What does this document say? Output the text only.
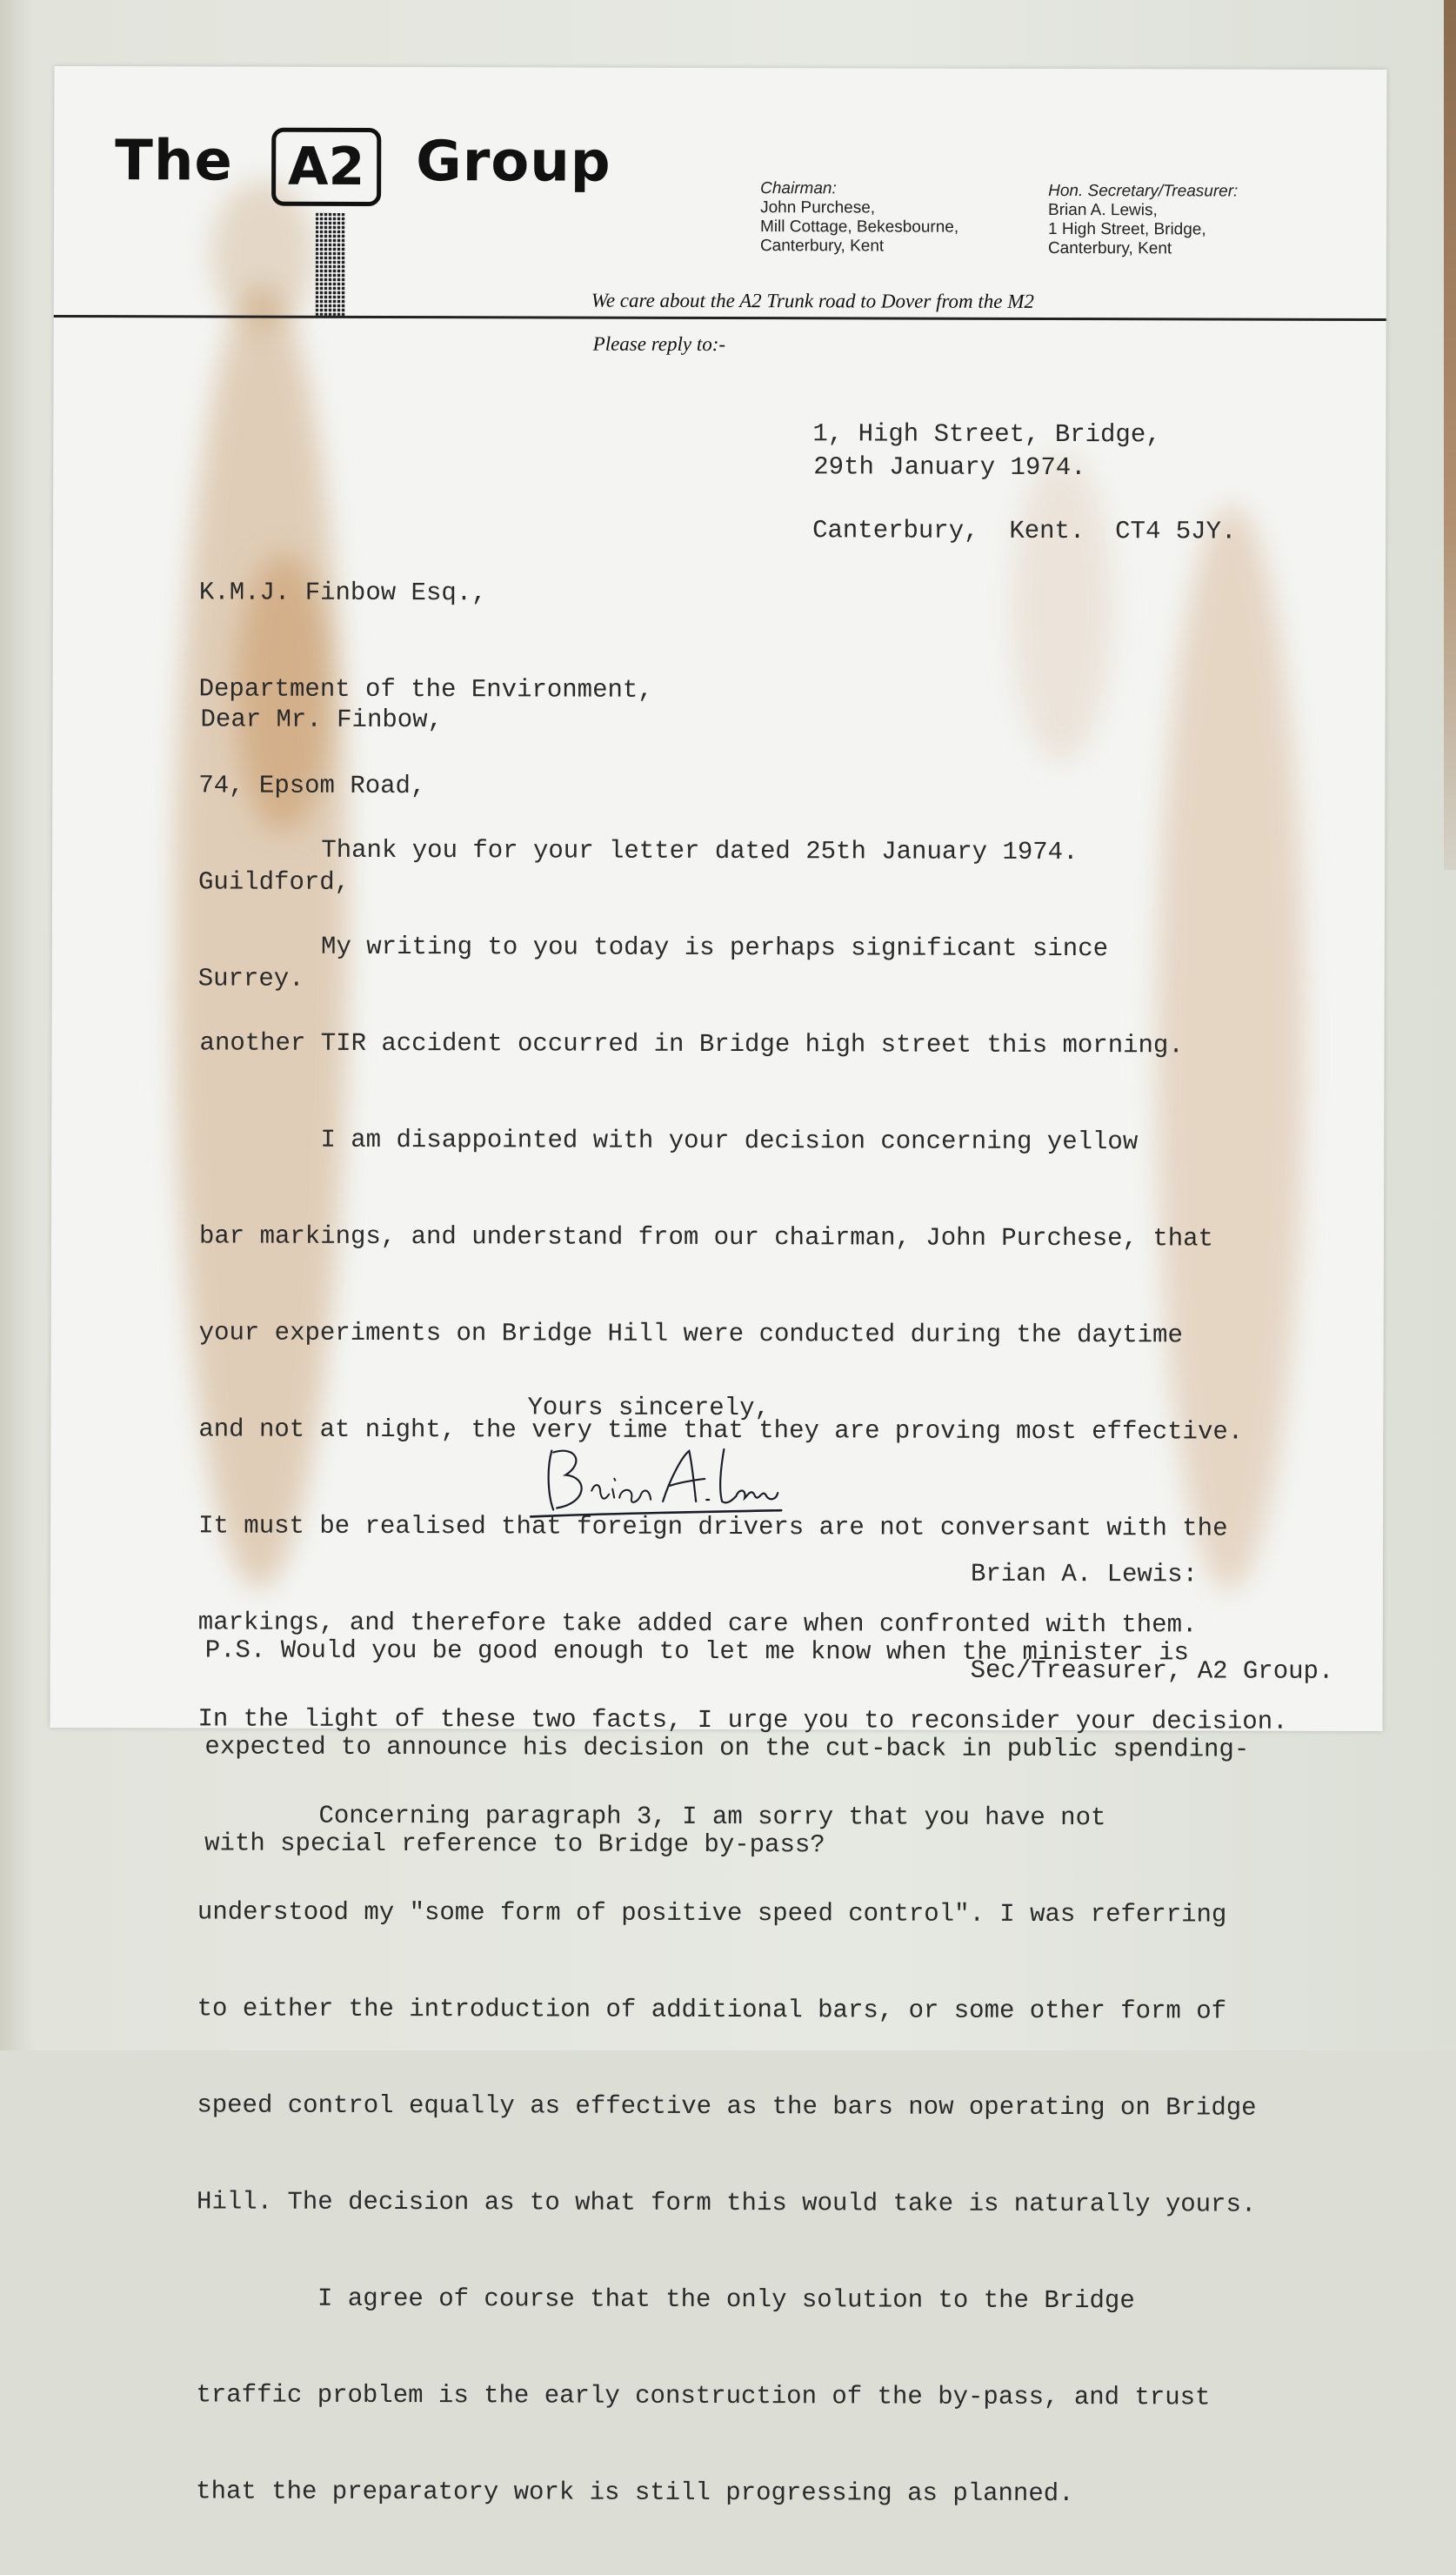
The	A2 Group	Chairman:
John Purchese,
Mill Cottage, Bekesbourne,
Canterbury, Kent
Hon. Secretary/Treasurer:
Brian A. Lewis,
1 High Street, Bridge,
Canterbury, Kent
We care about the A2 Trunk road to Dover from the M2
Please reply to:-

1, High Street, Bridge,

Canterbury,  Kent.  CT4 5JY.

29th January 1974.

K.M.J. Finbow Esq.,

Department of the Environment,

74, Epsom Road,

Guildford,

Surrey.

Dear Mr. Finbow,

Thank you for your letter dated 25th January 1974.

My writing to you today is perhaps significant since

another TIR accident occurred in Bridge high street this morning.

I am disappointed with your decision concerning yellow

bar markings, and understand from our chairman, John Purchese, that

your experiments on Bridge Hill were conducted during the daytime

and not at night, the very time that they are proving most effective.

It must be realised that foreign drivers are not conversant with the

markings, and therefore take added care when confronted with them.

In the light of these two facts, I urge you to reconsider your decision.

Concerning paragraph 3, I am sorry that you have not

understood my "some form of positive speed control". I was referring

to either the introduction of additional bars, or some other form of

speed control equally as effective as the bars now operating on Bridge

Hill. The decision as to what form this would take is naturally yours.

I agree of course that the only solution to the Bridge

traffic problem is the early construction of the by-pass, and trust

that the preparatory work is still progressing as planned.

Yours sincerely,

Brian A. Lewis:

Sec/Treasurer, A2 Group.

P.S. Would you be good enough to let me know when the minister is

expected to announce his decision on the cut-back in public spending-

with special reference to Bridge by-pass?
